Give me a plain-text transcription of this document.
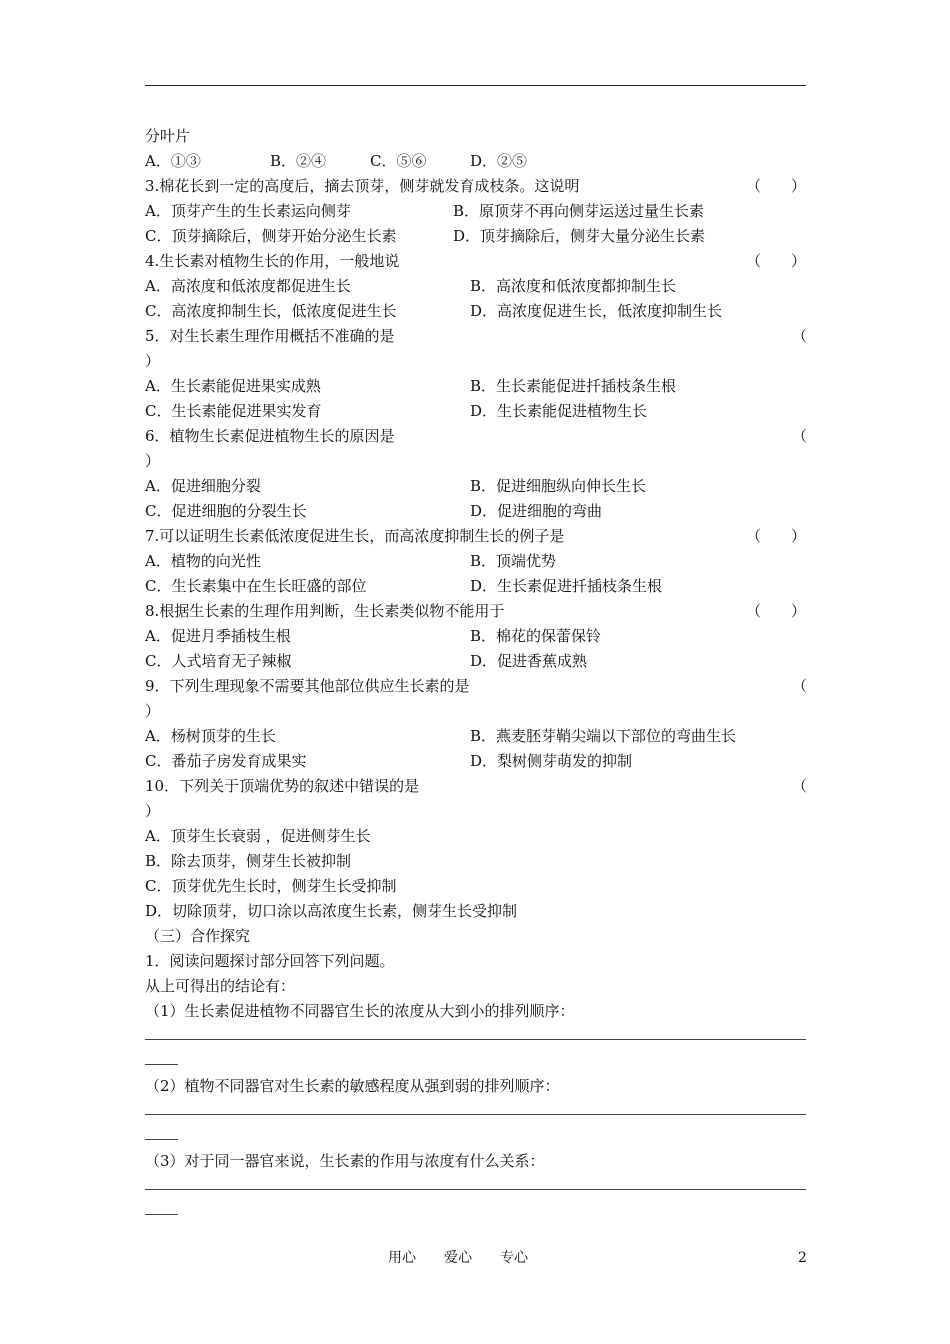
分叶片
A．①③	B．②④	C．⑤⑥	D．②⑤
3.棉花长到一定的高度后，摘去顶芽，侧芽就发育成枝条。这说明	（　　）
A．顶芽产生的生长素运向侧芽	B．原顶芽不再向侧芽运送过量生长素
C．顶芽摘除后，侧芽开始分泌生长素	D．顶芽摘除后，侧芽大量分泌生长素
4.生长素对植物生长的作用，一般地说	（　　）
A．高浓度和低浓度都促进生长	B．高浓度和低浓度都抑制生长
C．高浓度抑制生长，低浓度促进生长	D．高浓度促进生长，低浓度抑制生长
5．对生长素生理作用概括不准确的是	（
）
A．生长素能促进果实成熟	B．生长素能促进扦插枝条生根
C．生长素能促进果实发育	D．生长素能促进植物生长
6．植物生长素促进植物生长的原因是	（
）
A．促进细胞分裂	B．促进细胞纵向伸长生长
C．促进细胞的分裂生长	D．促进细胞的弯曲
7.可以证明生长素低浓度促进生长，而高浓度抑制生长的例子是	（　　）
A．植物的向光性	B．顶端优势
C．生长素集中在生长旺盛的部位	D．生长素促进扦插枝条生根
8.根据生长素的生理作用判断，生长素类似物不能用于	（　　）
A．促进月季插枝生根	B．棉花的保蕾保铃
C．人式培育无子辣椒	D．促进香蕉成熟
9．下列生理现象不需要其他部位供应生长素的是	（
）
A．杨树顶芽的生长	B．燕麦胚芽鞘尖端以下部位的弯曲生长
C．番茄子房发育成果实	D．梨树侧芽萌发的抑制
10．下列关于顶端优势的叙述中错误的是	（
）
A．顶芽生长衰弱 ，促进侧芽生长
B．除去顶芽，侧芽生长被抑制
C．顶芽优先生长时，侧芽生长受抑制
D．切除顶芽，切口涂以高浓度生长素，侧芽生长受抑制
（三）合作探究
1．阅读问题探讨部分回答下列问题。
从上可得出的结论有：
（1）生长素促进植物不同器官生长的浓度从大到小的排列顺序：
（2）植物不同器官对生长素的敏感程度从强到弱的排列顺序：
（3）对于同一器官来说，生长素的作用与浓度有什么关系：
用心　　爱心　　专心	2
